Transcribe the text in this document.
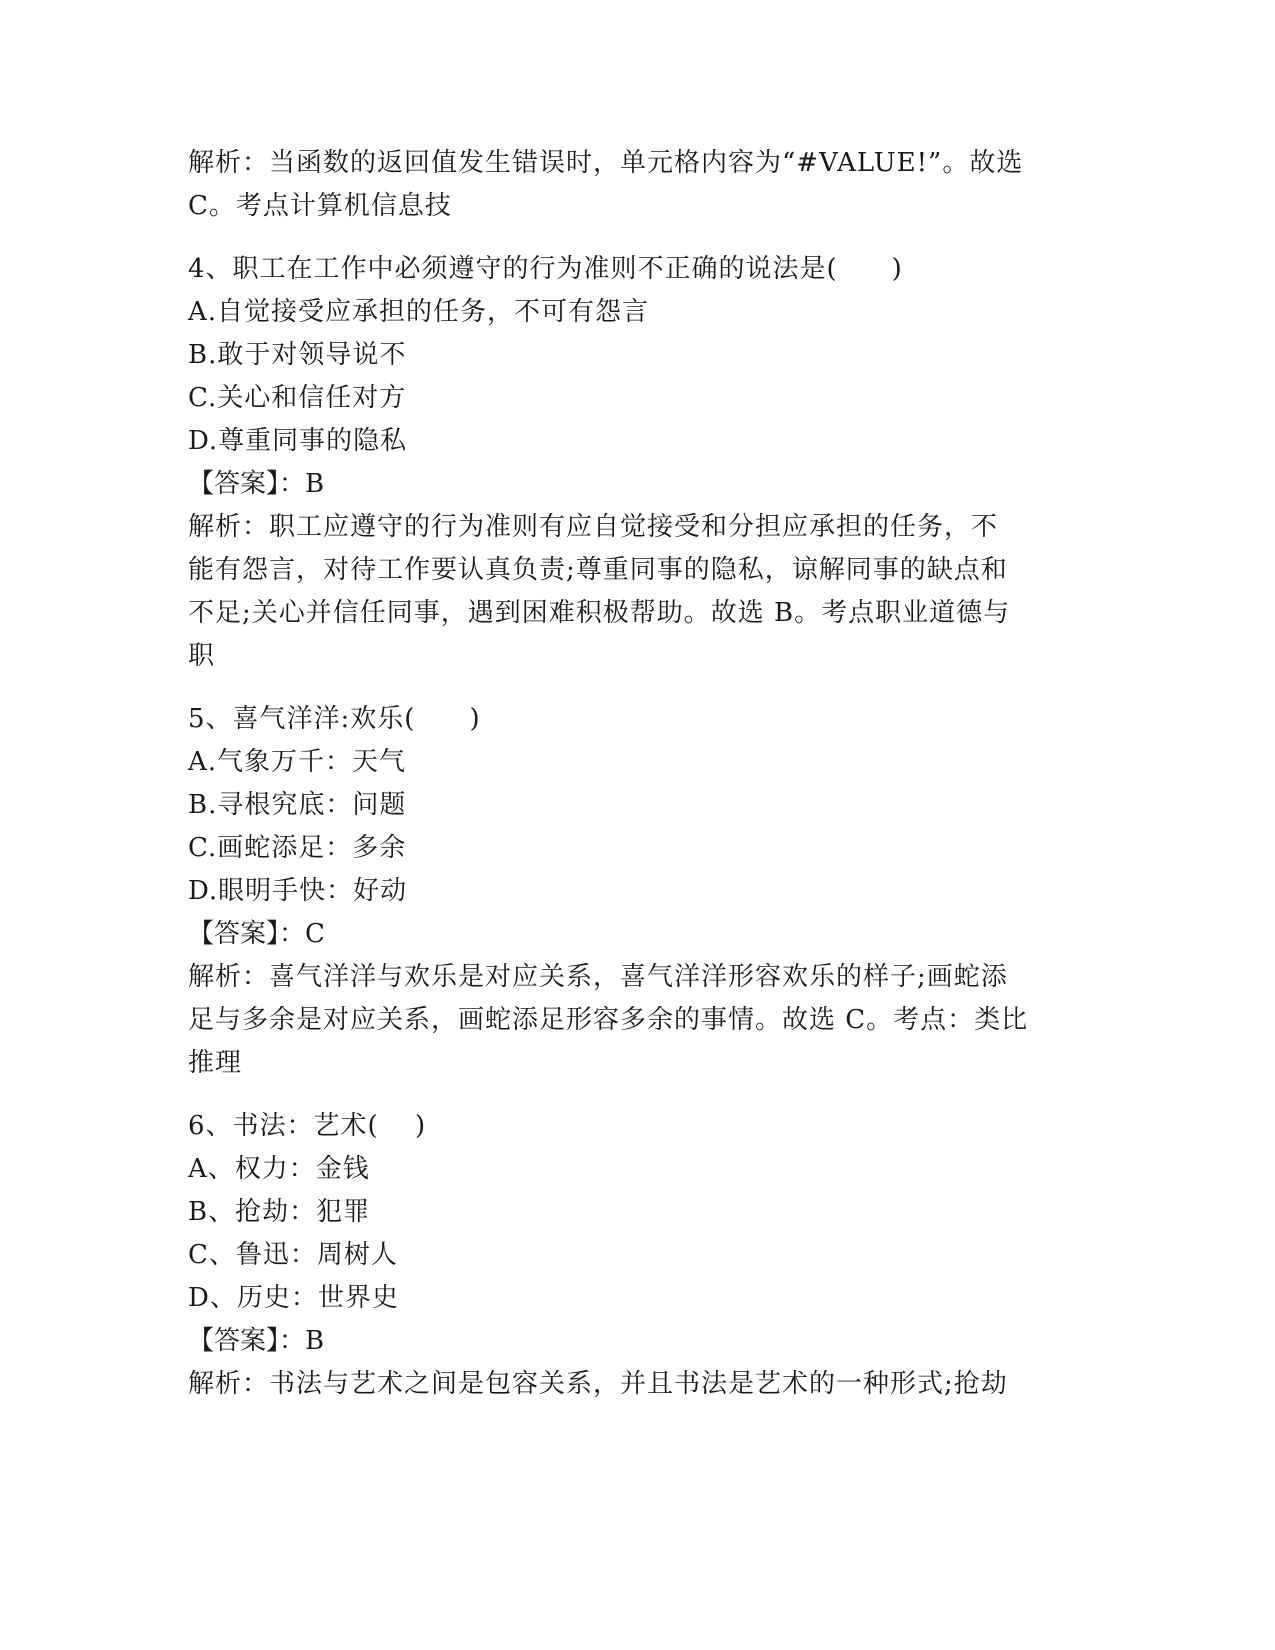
解析：当函数的返回值发生错误时，单元格内容为“#VALUE!”。故选
C。考点计算机信息技
4、职工在工作中必须遵守的行为准则不正确的说法是(　　)
A.自觉接受应承担的任务，不可有怨言
B.敢于对领导说不
C.关心和信任对方
D.尊重同事的隐私
【答案】：B
解析：职工应遵守的行为准则有应自觉接受和分担应承担的任务，不
能有怨言，对待工作要认真负责;尊重同事的隐私，谅解同事的缺点和
不足;关心并信任同事，遇到困难积极帮助。故选 B。考点职业道德与
职
5、喜气洋洋:欢乐(　　)
A.气象万千：天气
B.寻根究底：问题
C.画蛇添足：多余
D.眼明手快：好动
【答案】：C
解析：喜气洋洋与欢乐是对应关系，喜气洋洋形容欢乐的样子;画蛇添
足与多余是对应关系，画蛇添足形容多余的事情。故选 C。考点：类比
推理
6、书法：艺术(　 )
A、权力：金钱
B、抢劫：犯罪
C、鲁迅：周树人
D、历史：世界史
【答案】：B
解析：书法与艺术之间是包容关系，并且书法是艺术的一种形式;抢劫
